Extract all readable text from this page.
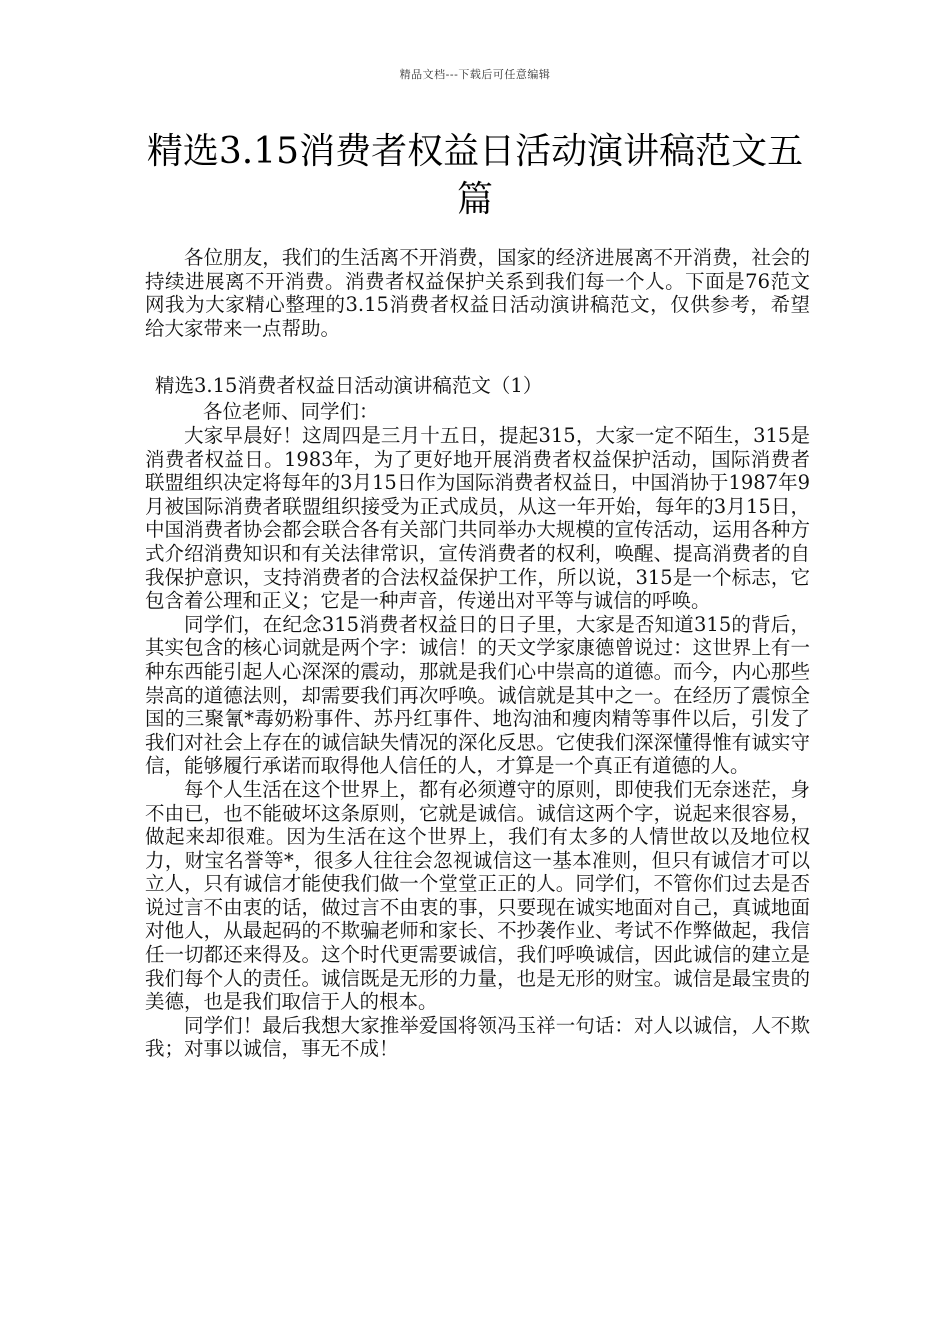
精品文档---下载后可任意编辑
精选3.15消费者权益日活动演讲稿范文五篇

各位朋友，我们的生活离不开消费，国家的经济进展离不开消费，社会的持续进展离不开消费。消费者权益保护关系到我们每一个人。下面是76范文网我为大家精心整理的3.15消费者权益日活动演讲稿范文，仅供参考，希望给大家带来一点帮助。

精选3.15消费者权益日活动演讲稿范文（1）

各位老师、同学们：

大家早晨好！这周四是三月十五日，提起315，大家一定不陌生，315是消费者权益日。1983年，为了更好地开展消费者权益保护活动，国际消费者联盟组织决定将每年的3月15日作为国际消费者权益日，中国消协于1987年9月被国际消费者联盟组织接受为正式成员，从这一年开始，每年的3月15日，中国消费者协会都会联合各有关部门共同举办大规模的宣传活动，运用各种方式介绍消费知识和有关法律常识，宣传消费者的权利，唤醒、提高消费者的自我保护意识，支持消费者的合法权益保护工作，所以说，315是一个标志，它包含着公理和正义；它是一种声音，传递出对平等与诚信的呼唤。

同学们，在纪念315消费者权益日的日子里，大家是否知道315的背后，其实包含的核心词就是两个字：诚信！的天文学家康德曾说过：这世界上有一种东西能引起人心深深的震动，那就是我们心中崇高的道德。而今，内心那些崇高的道德法则，却需要我们再次呼唤。诚信就是其中之一。在经历了震惊全国的三聚氰*毒奶粉事件、苏丹红事件、地沟油和瘦肉精等事件以后，引发了我们对社会上存在的诚信缺失情况的深化反思。它使我们深深懂得惟有诚实守信，能够履行承诺而取得他人信任的人，才算是一个真正有道德的人。

每个人生活在这个世界上，都有必须遵守的原则，即使我们无奈迷茫，身不由已，也不能破坏这条原则，它就是诚信。诚信这两个字，说起来很容易，做起来却很难。因为生活在这个世界上，我们有太多的人情世故以及地位权力，财宝名誉等*，很多人往往会忽视诚信这一基本准则，但只有诚信才可以立人，只有诚信才能使我们做一个堂堂正正的人。同学们，不管你们过去是否说过言不由衷的话，做过言不由衷的事，只要现在诚实地面对自己，真诚地面对他人，从最起码的不欺骗老师和家长、不抄袭作业、考试不作弊做起，我信任一切都还来得及。这个时代更需要诚信，我们呼唤诚信，因此诚信的建立是我们每个人的责任。诚信既是无形的力量，也是无形的财宝。诚信是最宝贵的美德，也是我们取信于人的根本。

同学们！最后我想大家推举爱国将领冯玉祥一句话：对人以诚信，人不欺我；对事以诚信，事无不成！
